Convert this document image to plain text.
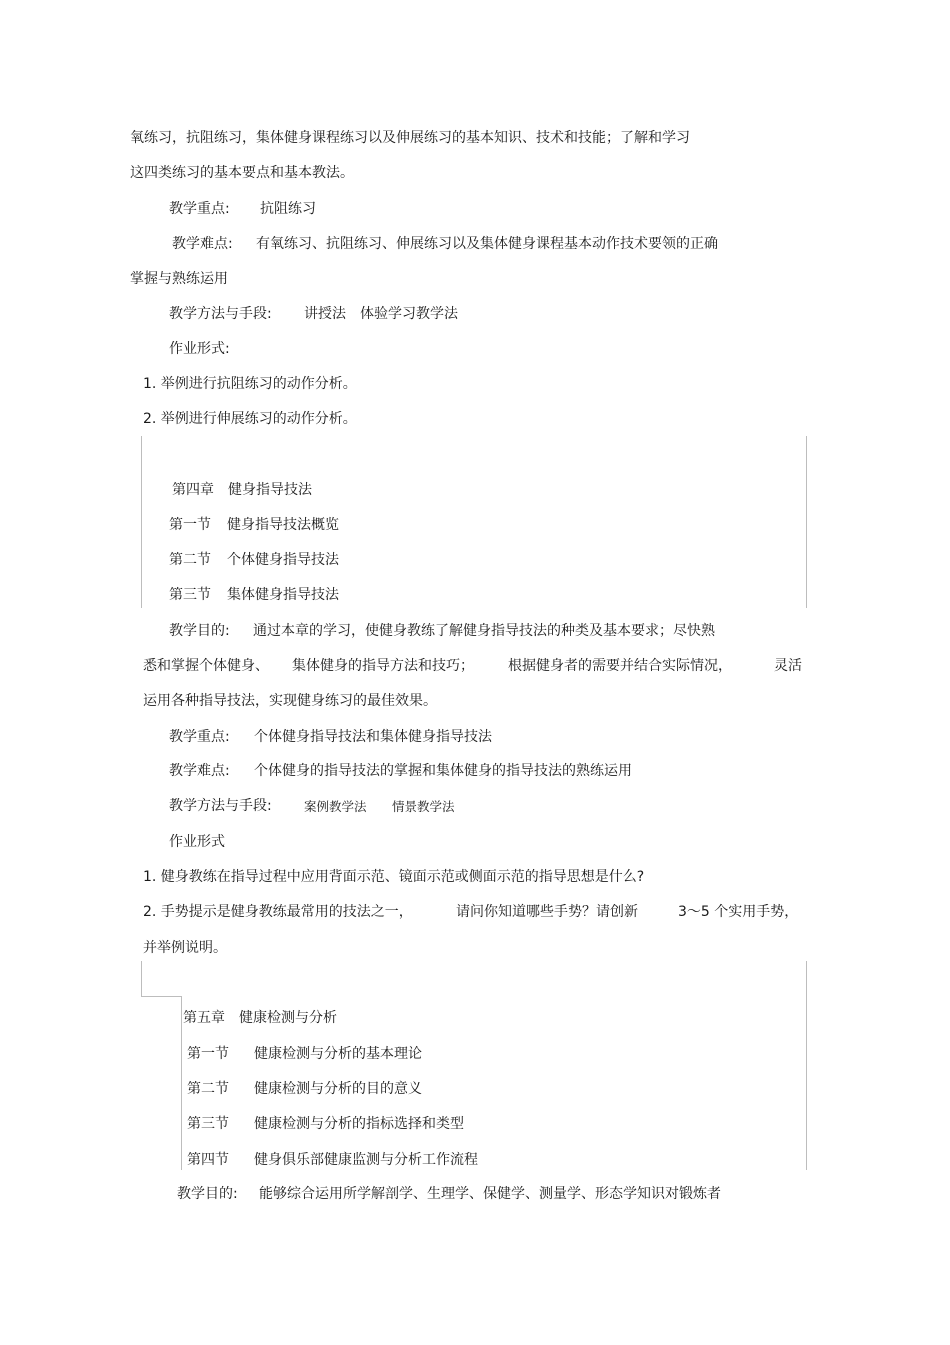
氧练习，抗阻练习，集体健身课程练习以及伸展练习的基本知识、技术和技能；了解和学习
这四类练习的基本要点和基本教法。
教学重点: 抗阻练习
教学难点: 有氧练习、抗阻练习、伸展练习以及集体健身课程基本动作技术要领的正确
掌握与熟练运用
教学方法与手段: 讲授法　体验学习教学法
作业形式:
1. 举例进行抗阻练习的动作分析。
2. 举例进行伸展练习的动作分析。
第四章　健身指导技法
第一节 健身指导技法概览
第二节 个体健身指导技法
第三节 集体健身指导技法
教学目的: 通过本章的学习，使健身教练了解健身指导技法的种类及基本要求；尽快熟
悉和掌握个体健身、 集体健身的指导方法和技巧； 根据健身者的需要并结合实际情况，	灵活
运用各种指导技法，实现健身练习的最佳效果。
教学重点: 个体健身指导技法和集体健身指导技法
教学难点: 个体健身的指导技法的掌握和集体健身的指导技法的熟练运用
教学方法与手段:	案例教学法 情景教学法
作业形式
1. 健身教练在指导过程中应用背面示范、镜面示范或侧面示范的指导思想是什么?
2. 手势提示是健身教练最常用的技法之一，	请问你知道哪些手势？请创新	3～5 个实用手势，
并举例说明。
第五章　健康检测与分析
第一节 健康检测与分析的基本理论
第二节 健康检测与分析的目的意义
第三节 健康检测与分析的指标选择和类型
第四节 健身俱乐部健康监测与分析工作流程
教学目的: 能够综合运用所学解剖学、生理学、保健学、测量学、形态学知识对锻炼者
